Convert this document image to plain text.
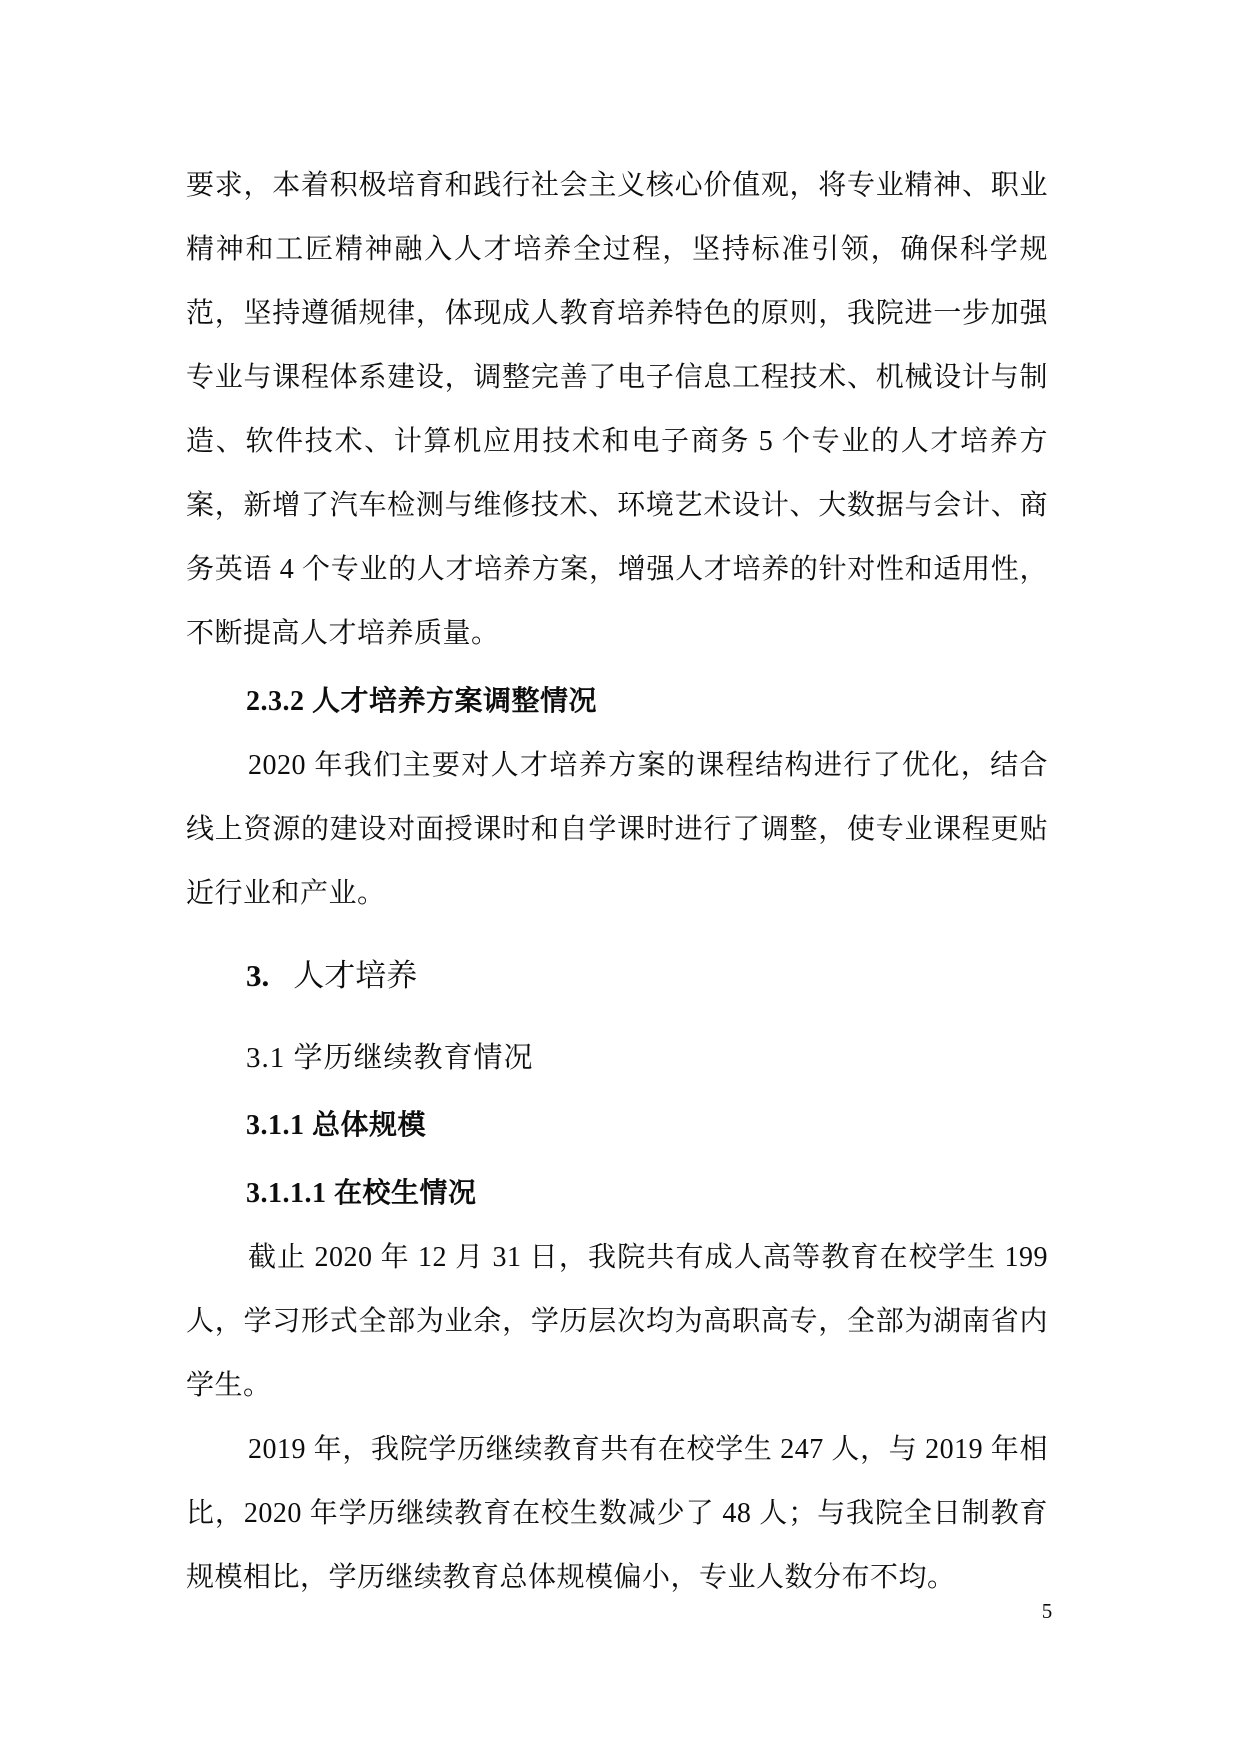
要求，本着积极培育和践行社会主义核心价值观，将专业精神、职业精神和工匠精神融入人才培养全过程，坚持标准引领，确保科学规范，坚持遵循规律，体现成人教育培养特色的原则，我院进一步加强专业与课程体系建设，调整完善了电子信息工程技术、机械设计与制造、软件技术、计算机应用技术和电子商务 5 个专业的人才培养方案，新增了汽车检测与维修技术、环境艺术设计、大数据与会计、商务英语 4 个专业的人才培养方案，增强人才培养的针对性和适用性，不断提高人才培养质量。
2.3.2 人才培养方案调整情况
2020 年我们主要对人才培养方案的课程结构进行了优化，结合线上资源的建设对面授课时和自学课时进行了调整，使专业课程更贴近行业和产业。
3. 人才培养
3.1 学历继续教育情况
3.1.1 总体规模
3.1.1.1 在校生情况
截止 2020 年 12 月 31 日，我院共有成人高等教育在校学生 199 人，学习形式全部为业余，学历层次均为高职高专，全部为湖南省内学生。
2019 年，我院学历继续教育共有在校学生 247 人，与 2019 年相比，2020 年学历继续教育在校生数减少了 48 人；与我院全日制教育规模相比，学历继续教育总体规模偏小，专业人数分布不均。
5
